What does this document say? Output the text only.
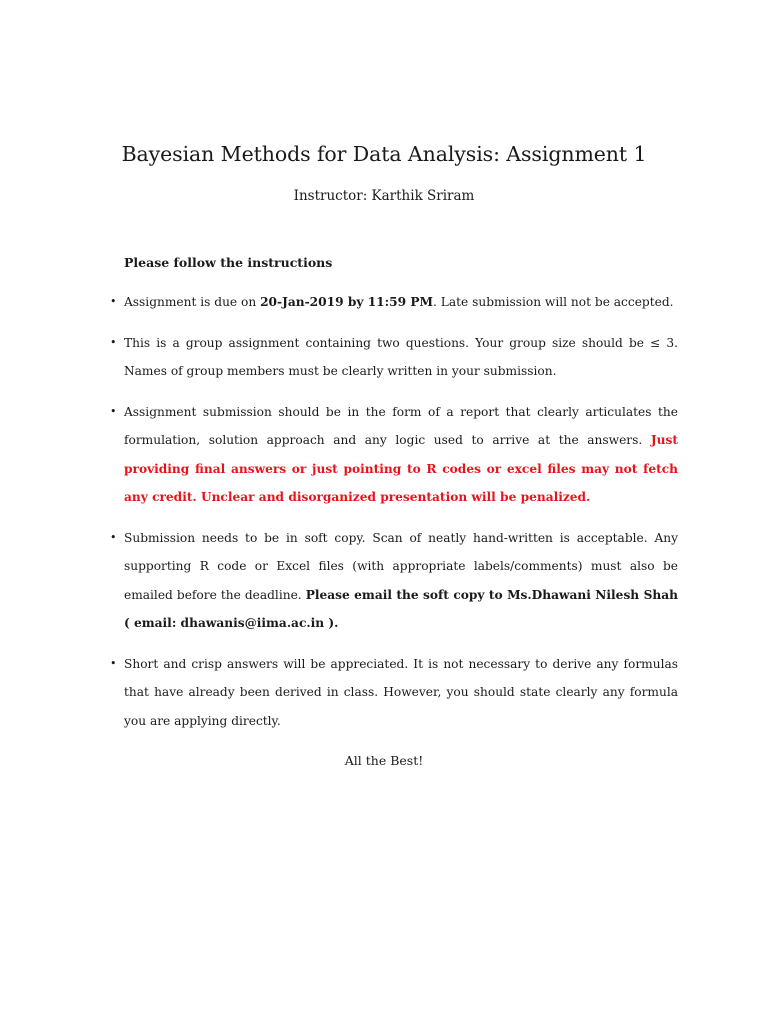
Bayesian Methods for Data Analysis: Assignment 1
Instructor: Karthik Sriram
Please follow the instructions
• Assignment is due on 20-Jan-2019 by 11:59 PM. Late submission will not be accepted.
• This is a group assignment containing two questions. Your group size should be ≤ 3. Names of group members must be clearly written in your submission.
• Assignment submission should be in the form of a report that clearly articulates the formulation, solution approach and any logic used to arrive at the answers. Just providing final answers or just pointing to R codes or excel files may not fetch any credit. Unclear and disorganized presentation will be penalized.
• Submission needs to be in soft copy. Scan of neatly hand-written is acceptable. Any supporting R code or Excel files (with appropriate labels/comments) must also be emailed before the deadline. Please email the soft copy to Ms.Dhawani Nilesh Shah ( email: dhawanis@iima.ac.in ).
• Short and crisp answers will be appreciated. It is not necessary to derive any formulas that have already been derived in class. However, you should state clearly any formula you are applying directly.
All the Best!
